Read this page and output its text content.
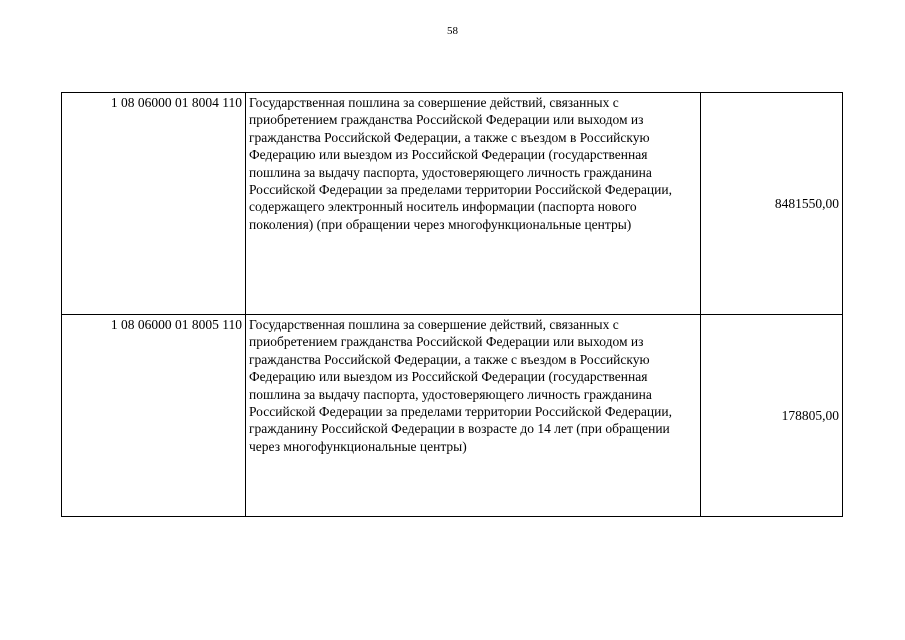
58
1 08 06000 01 8004 110	Государственная пошлина за совершение действий, связанных с приобретением гражданства Российской Федерации или выходом из гражданства Российской Федерации, а также с въездом в Российскую Федерацию или выездом из Российской Федерации (государственная пошлина за выдачу паспорта, удостоверяющего личность гражданина Российской Федерации за пределами территории Российской Федерации, содержащего электронный носитель информации (паспорта нового поколения) (при обращении через многофункциональные центры)	8481550,00
1 08 06000 01 8005 110	Государственная пошлина за совершение действий, связанных с приобретением гражданства Российской Федерации или выходом из гражданства Российской Федерации, а также с въездом в Российскую Федерацию или выездом из Российской Федерации (государственная пошлина за выдачу паспорта, удостоверяющего личность гражданина Российской Федерации за пределами территории Российской Федерации, гражданину Российской Федерации в возрасте до 14 лет (при обращении через многофункциональные центры)	178805,00
